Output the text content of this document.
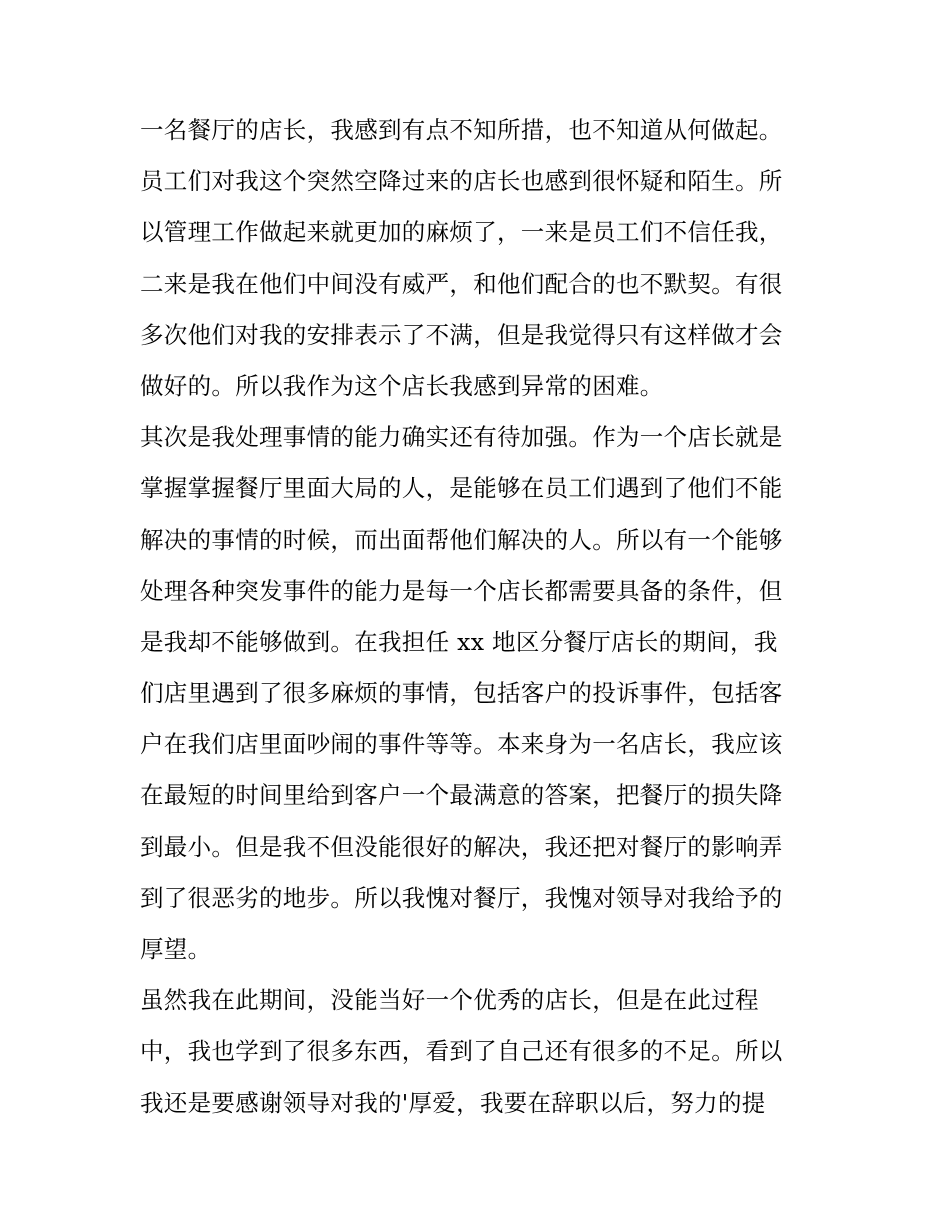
一名餐厅的店长，我感到有点不知所措，也不知道从何做起。
员工们对我这个突然空降过来的店长也感到很怀疑和陌生。所
以管理工作做起来就更加的麻烦了，一来是员工们不信任我，
二来是我在他们中间没有威严，和他们配合的也不默契。有很
多次他们对我的安排表示了不满，但是我觉得只有这样做才会
做好的。所以我作为这个店长我感到异常的困难。
其次是我处理事情的能力确实还有待加强。作为一个店长就是
掌握掌握餐厅里面大局的人，是能够在员工们遇到了他们不能
解决的事情的时候，而出面帮他们解决的人。所以有一个能够
处理各种突发事件的能力是每一个店长都需要具备的条件，但
是我却不能够做到。在我担任 xx 地区分餐厅店长的期间，我
们店里遇到了很多麻烦的事情，包括客户的投诉事件，包括客
户在我们店里面吵闹的事件等等。本来身为一名店长，我应该
在最短的时间里给到客户一个最满意的答案，把餐厅的损失降
到最小。但是我不但没能很好的解决，我还把对餐厅的影响弄
到了很恶劣的地步。所以我愧对餐厅，我愧对领导对我给予的
厚望。
虽然我在此期间，没能当好一个优秀的店长，但是在此过程
中，我也学到了很多东西，看到了自己还有很多的不足。所以
我还是要感谢领导对我的'厚爱，我要在辞职以后，努力的提
